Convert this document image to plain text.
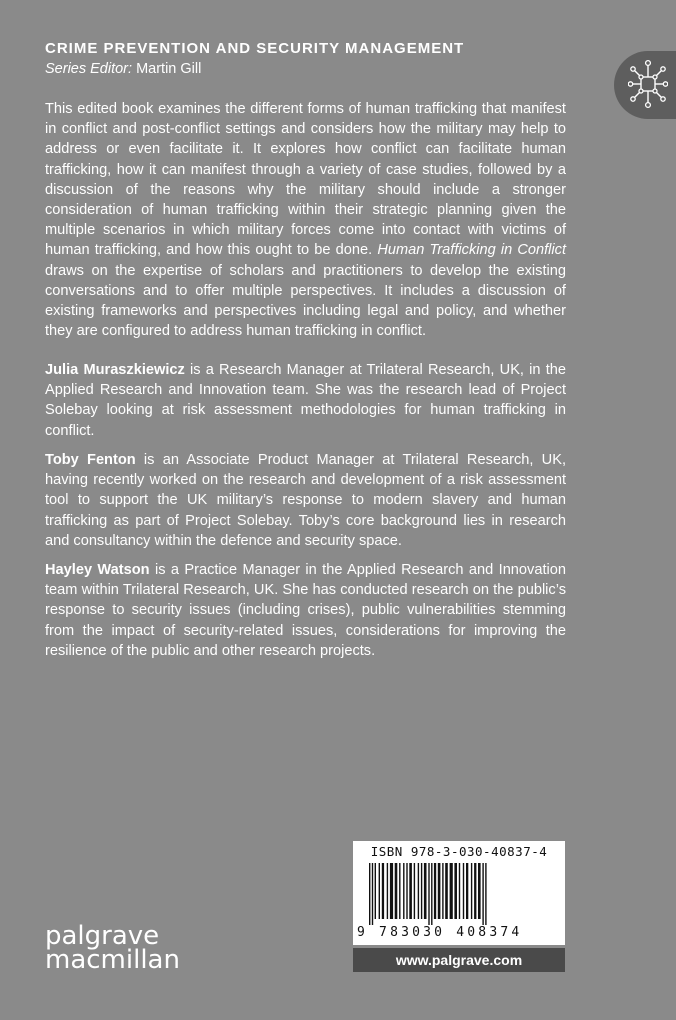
CRIME PREVENTION AND SECURITY MANAGEMENT
Series Editor: Martin Gill

This edited book examines the different forms of human trafficking that manifest in conflict and post-conflict settings and considers how the military may help to address or even facilitate it. It explores how conflict can facilitate human trafficking, how it can manifest through a variety of case studies, followed by a discussion of the reasons why the military should include a stronger consideration of human trafficking within their strategic planning given the multiple scenarios in which military forces come into contact with victims of human trafficking, and how this ought to be done. Human Trafficking in Conflict draws on the expertise of scholars and practitioners to develop the existing conversations and to offer multiple perspectives. It includes a discussion of existing frameworks and perspectives including legal and policy, and whether they are configured to address human trafficking in conflict.

Julia Muraszkiewicz is a Research Manager at Trilateral Research, UK, in the Applied Research and Innovation team. She was the research lead of Project Solebay looking at risk assessment methodologies for human trafficking in conflict.

Toby Fenton is an Associate Product Manager at Trilateral Research, UK, having recently worked on the research and development of a risk assessment tool to support the UK military’s response to modern slavery and human trafficking as part of Project Solebay. Toby’s core background lies in research and consultancy within the defence and security space.

Hayley Watson is a Practice Manager in the Applied Research and Innovation team within Trilateral Research, UK. She has conducted research on the public’s response to security issues (including crises), public vulnerabilities stemming from the impact of security-related issues, considerations for improving the resilience of the public and other research projects.

ISBN 978-3-030-40837-4
9 783030 408374
www.palgrave.com
palgrave
macmillan
